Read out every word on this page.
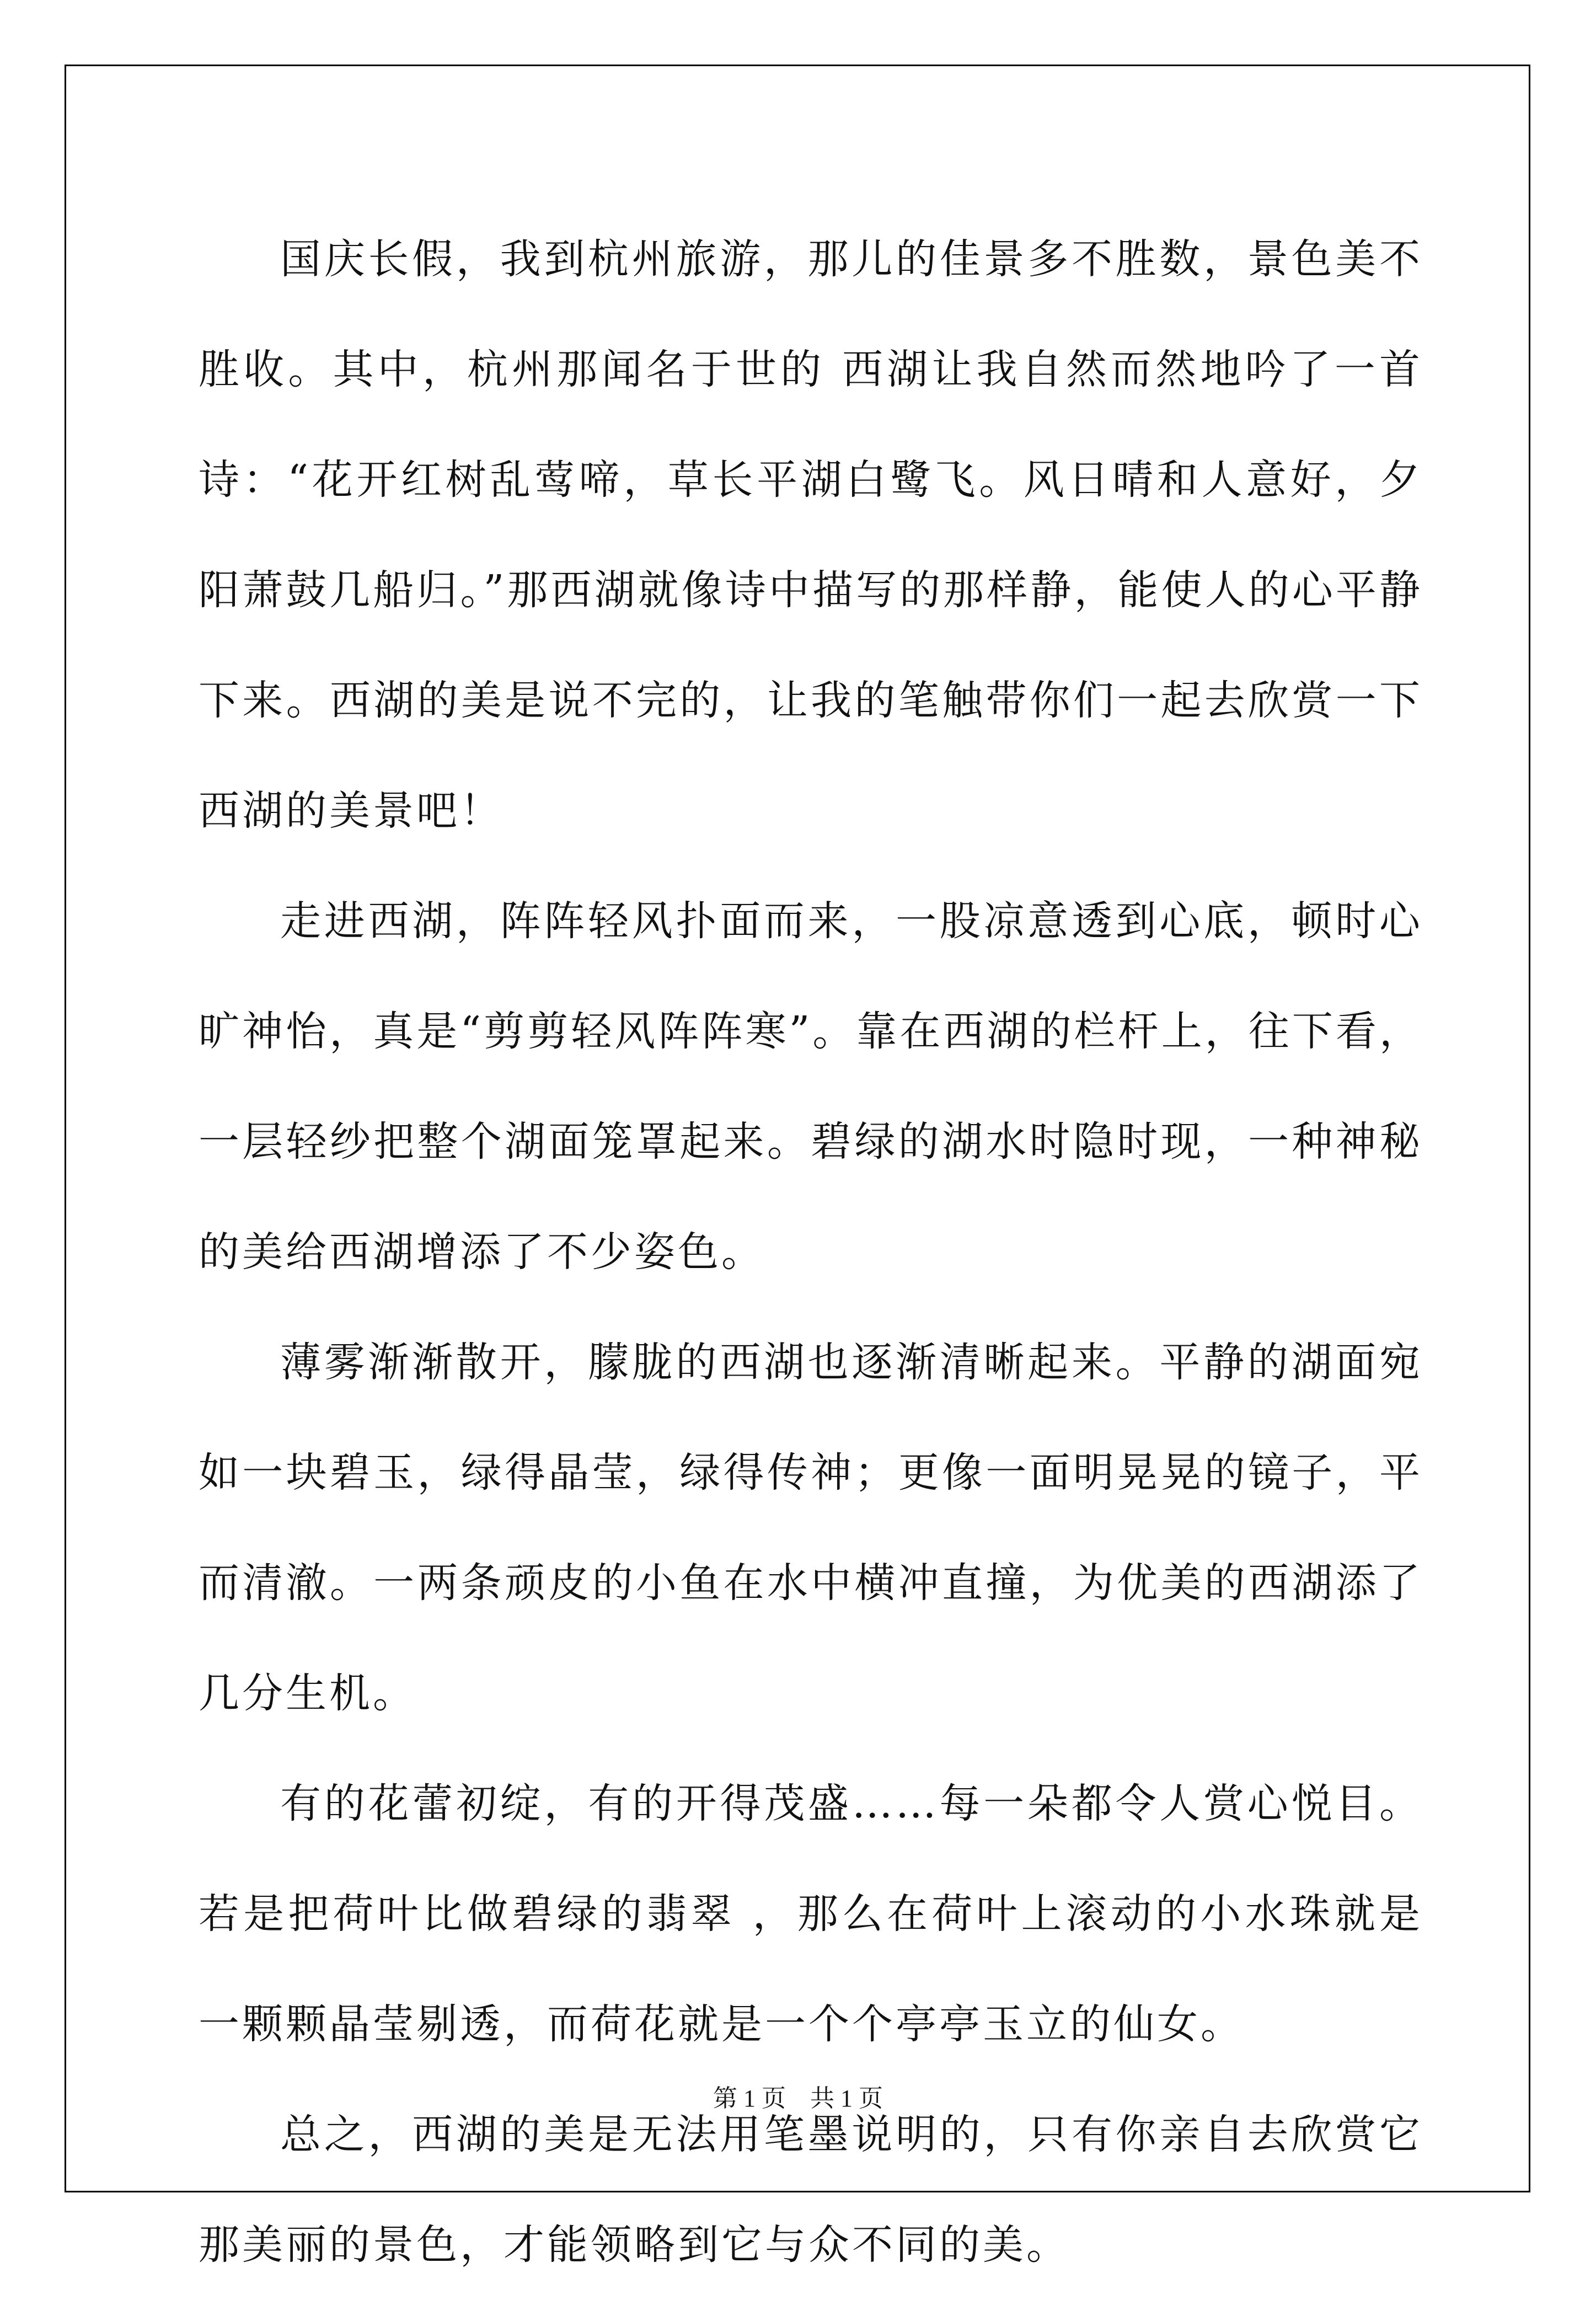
国庆长假，我到杭州旅游，那儿的佳景多不胜数，景色美不胜收。其中，杭州那闻名于世的 西湖让我自然而然地吟了一首诗：“花开红树乱莺啼，草长平湖白鹭飞。风日晴和人意好，夕阳萧鼓几船归。”那西湖就像诗中描写的那样静，能使人的心平静下来。西湖的美是说不完的，让我的笔触带你们一起去欣赏一下西湖的美景吧！

走进西湖，阵阵轻风扑面而来，一股凉意透到心底，顿时心旷神怡，真是“剪剪轻风阵阵寒”。靠在西湖的栏杆上，往下看，一层轻纱把整个湖面笼罩起来。碧绿的湖水时隐时现，一种神秘的美给西湖增添了不少姿色。

薄雾渐渐散开，朦胧的西湖也逐渐清晰起来。平静的湖面宛如一块碧玉，绿得晶莹，绿得传神；更像一面明晃晃的镜子，平而清澈。一两条顽皮的小鱼在水中横冲直撞，为优美的西湖添了几分生机。

有的花蕾初绽，有的开得茂盛……每一朵都令人赏心悦目。若是把荷叶比做碧绿的翡翠 ，那么在荷叶上滚动的小水珠就是一颗颗晶莹剔透，而荷花就是一个个亭亭玉立的仙女。

总之，西湖的美是无法用笔墨说明的，只有你亲自去欣赏它那美丽的景色，才能领略到它与众不同的美。

第 1 页　共 1 页
